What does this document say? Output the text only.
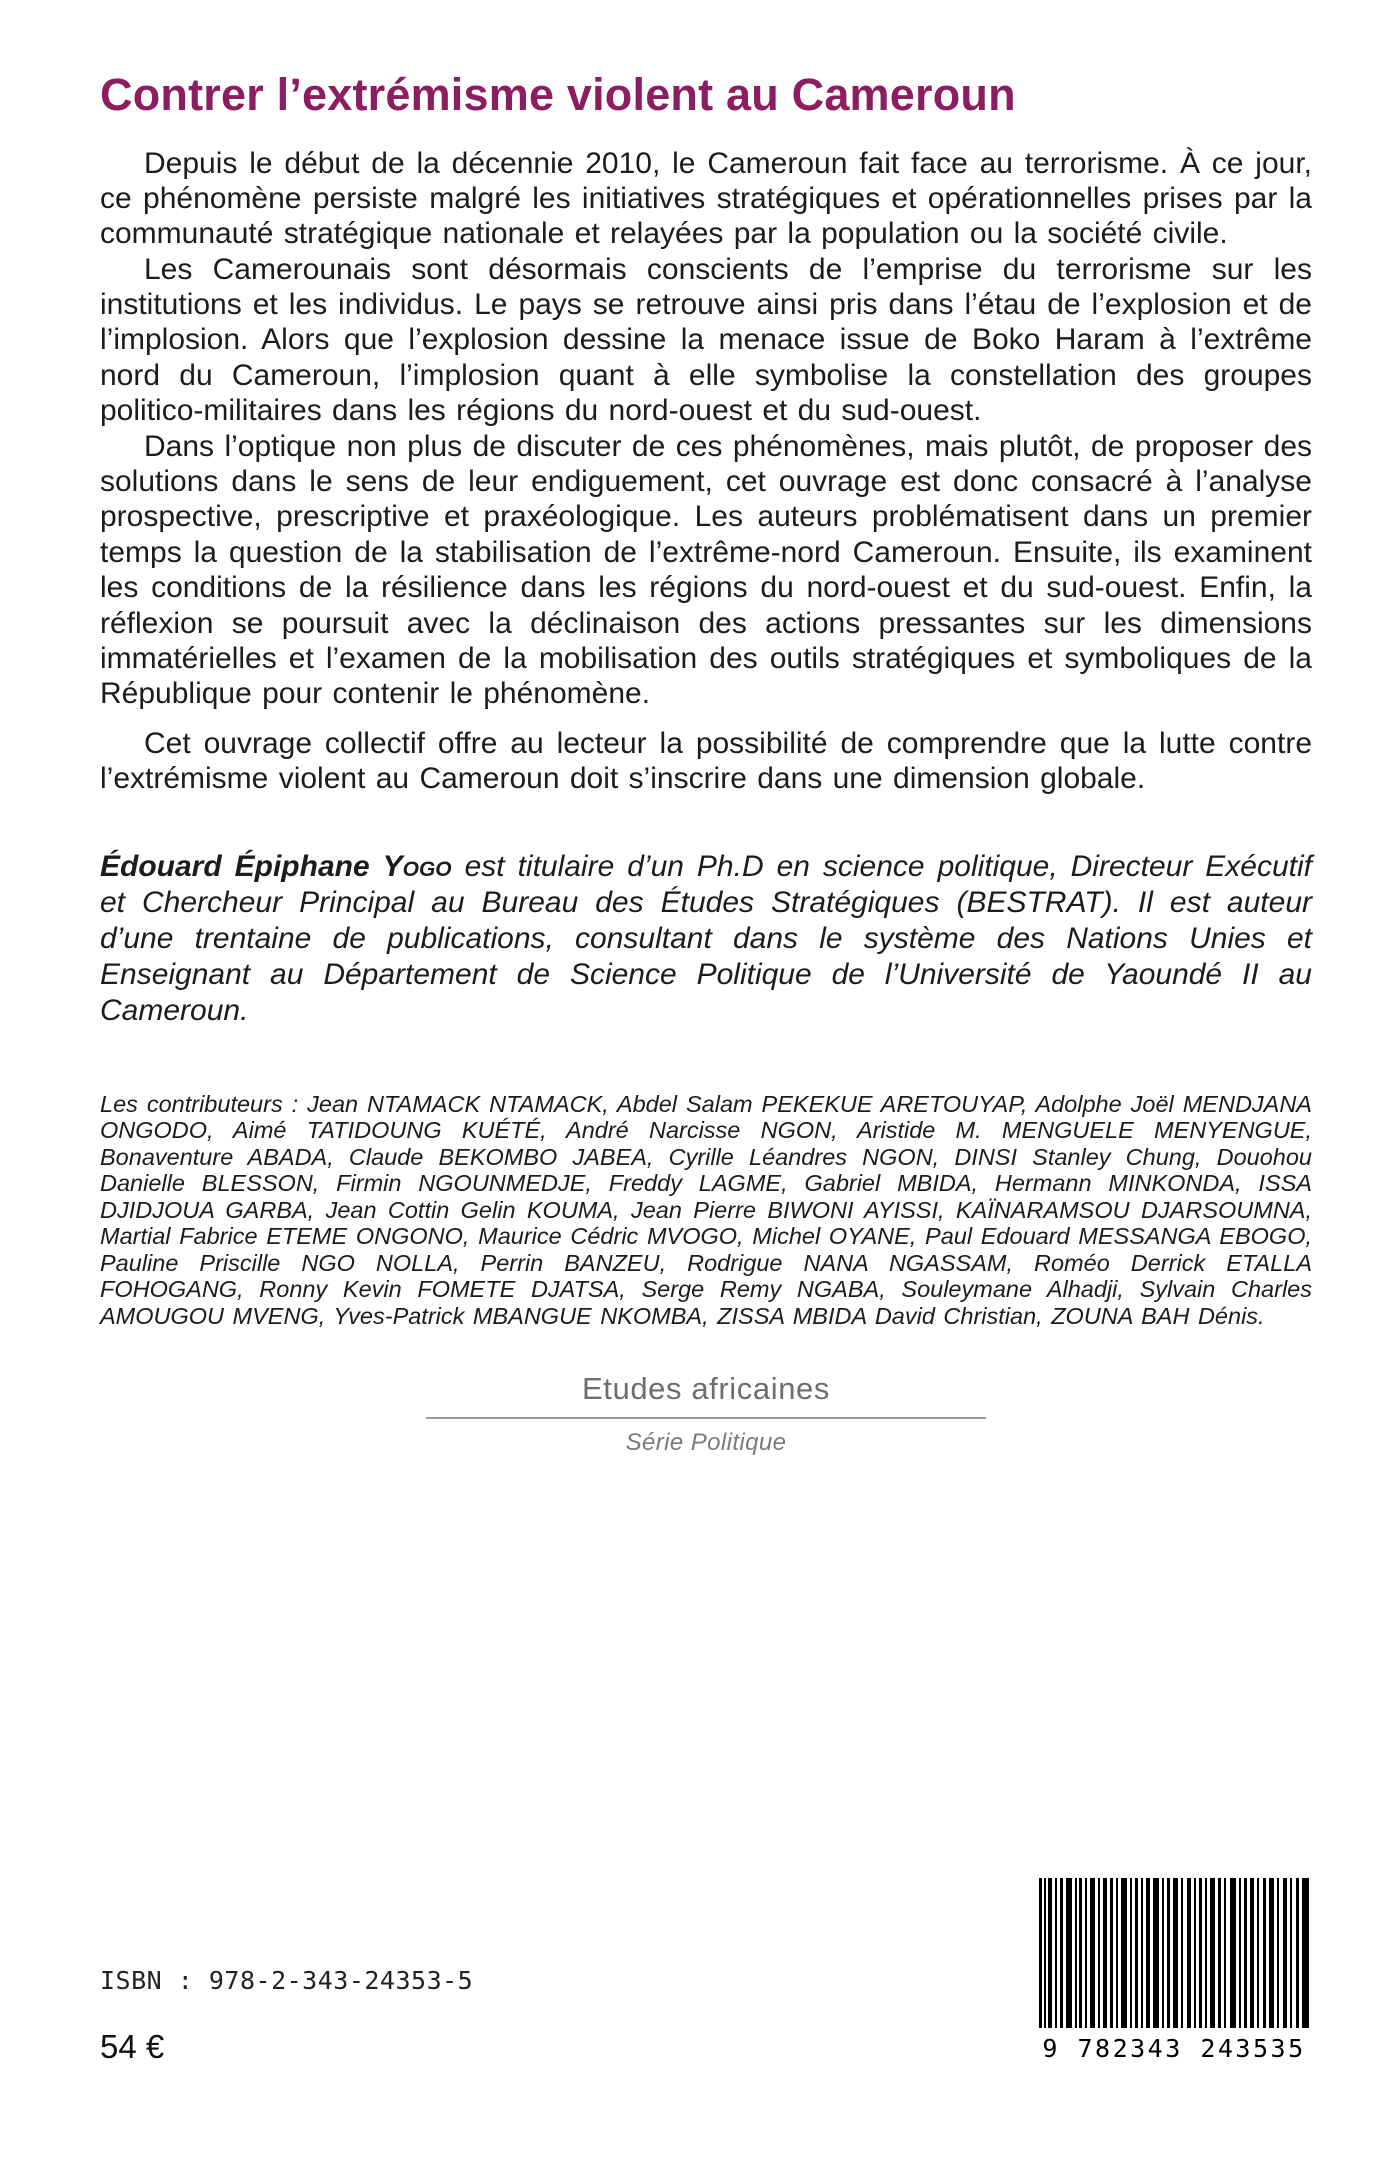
Contrer l’extrémisme violent au Cameroun

Depuis le début de la décennie 2010, le Cameroun fait face au terrorisme. À ce jour, ce phénomène persiste malgré les initiatives stratégiques et opérationnelles prises par la communauté stratégique nationale et relayées par la population ou la société civile.

Les Camerounais sont désormais conscients de l’emprise du terrorisme sur les institutions et les individus. Le pays se retrouve ainsi pris dans l’étau de l’explosion et de l’implosion. Alors que l’explosion dessine la menace issue de Boko Haram à l’extrême nord du Cameroun, l’implosion quant à elle symbolise la constellation des groupes politico-militaires dans les régions du nord-ouest et du sud-ouest.

Dans l’optique non plus de discuter de ces phénomènes, mais plutôt, de proposer des solutions dans le sens de leur endiguement, cet ouvrage est donc consacré à l’analyse prospective, prescriptive et praxéologique. Les auteurs problématisent dans un premier temps la question de la stabilisation de l’extrême-nord Cameroun. Ensuite, ils examinent les conditions de la résilience dans les régions du nord-ouest et du sud-ouest. Enfin, la réflexion se poursuit avec la déclinaison des actions pressantes sur les dimensions immatérielles et l’examen de la mobilisation des outils stratégiques et symboliques de la République pour contenir le phénomène.

Cet ouvrage collectif offre au lecteur la possibilité de comprendre que la lutte contre l’extrémisme violent au Cameroun doit s’inscrire dans une dimension globale.

Édouard Épiphane Yogo est titulaire d’un Ph.D en science politique, Directeur Exécutif et Chercheur Principal au Bureau des Études Stratégiques (BESTRAT). Il est auteur d’une trentaine de publications, consultant dans le système des Nations Unies et Enseignant au Département de Science Politique de l’Université de Yaoundé II au Cameroun.

Les contributeurs : Jean NTAMACK NTAMACK, Abdel Salam PEKEKUE ARETOUYAP, Adolphe Joël MENDJANA ONGODO, Aimé TATIDOUNG KUÉTÉ, André Narcisse NGON, Aristide M. MENGUELE MENYENGUE, Bonaventure ABADA, Claude BEKOMBO JABEA, Cyrille Léandres NGON, DINSI Stanley Chung, Douohou Danielle BLESSON, Firmin NGOUNMEDJE, Freddy LAGME, Gabriel MBIDA, Hermann MINKONDA, ISSA DJIDJOUA GARBA, Jean Cottin Gelin KOUMA, Jean Pierre BIWONI AYISSI, KAÏNARAMSOU DJARSOUMNA, Martial Fabrice ETEME ONGONO, Maurice Cédric MVOGO, Michel OYANE, Paul Edouard MESSANGA EBOGO, Pauline Priscille NGO NOLLA, Perrin BANZEU, Rodrigue NANA NGASSAM, Roméo Derrick ETALLA FOHOGANG, Ronny Kevin FOMETE DJATSA, Serge Remy NGABA, Souleymane Alhadji, Sylvain Charles AMOUGOU MVENG, Yves-Patrick MBANGUE NKOMBA, ZISSA MBIDA David Christian, ZOUNA BAH Dénis.

Etudes africaines
Série Politique
ISBN : 978-2-343-24353-5
54 €	9 782343 243535
